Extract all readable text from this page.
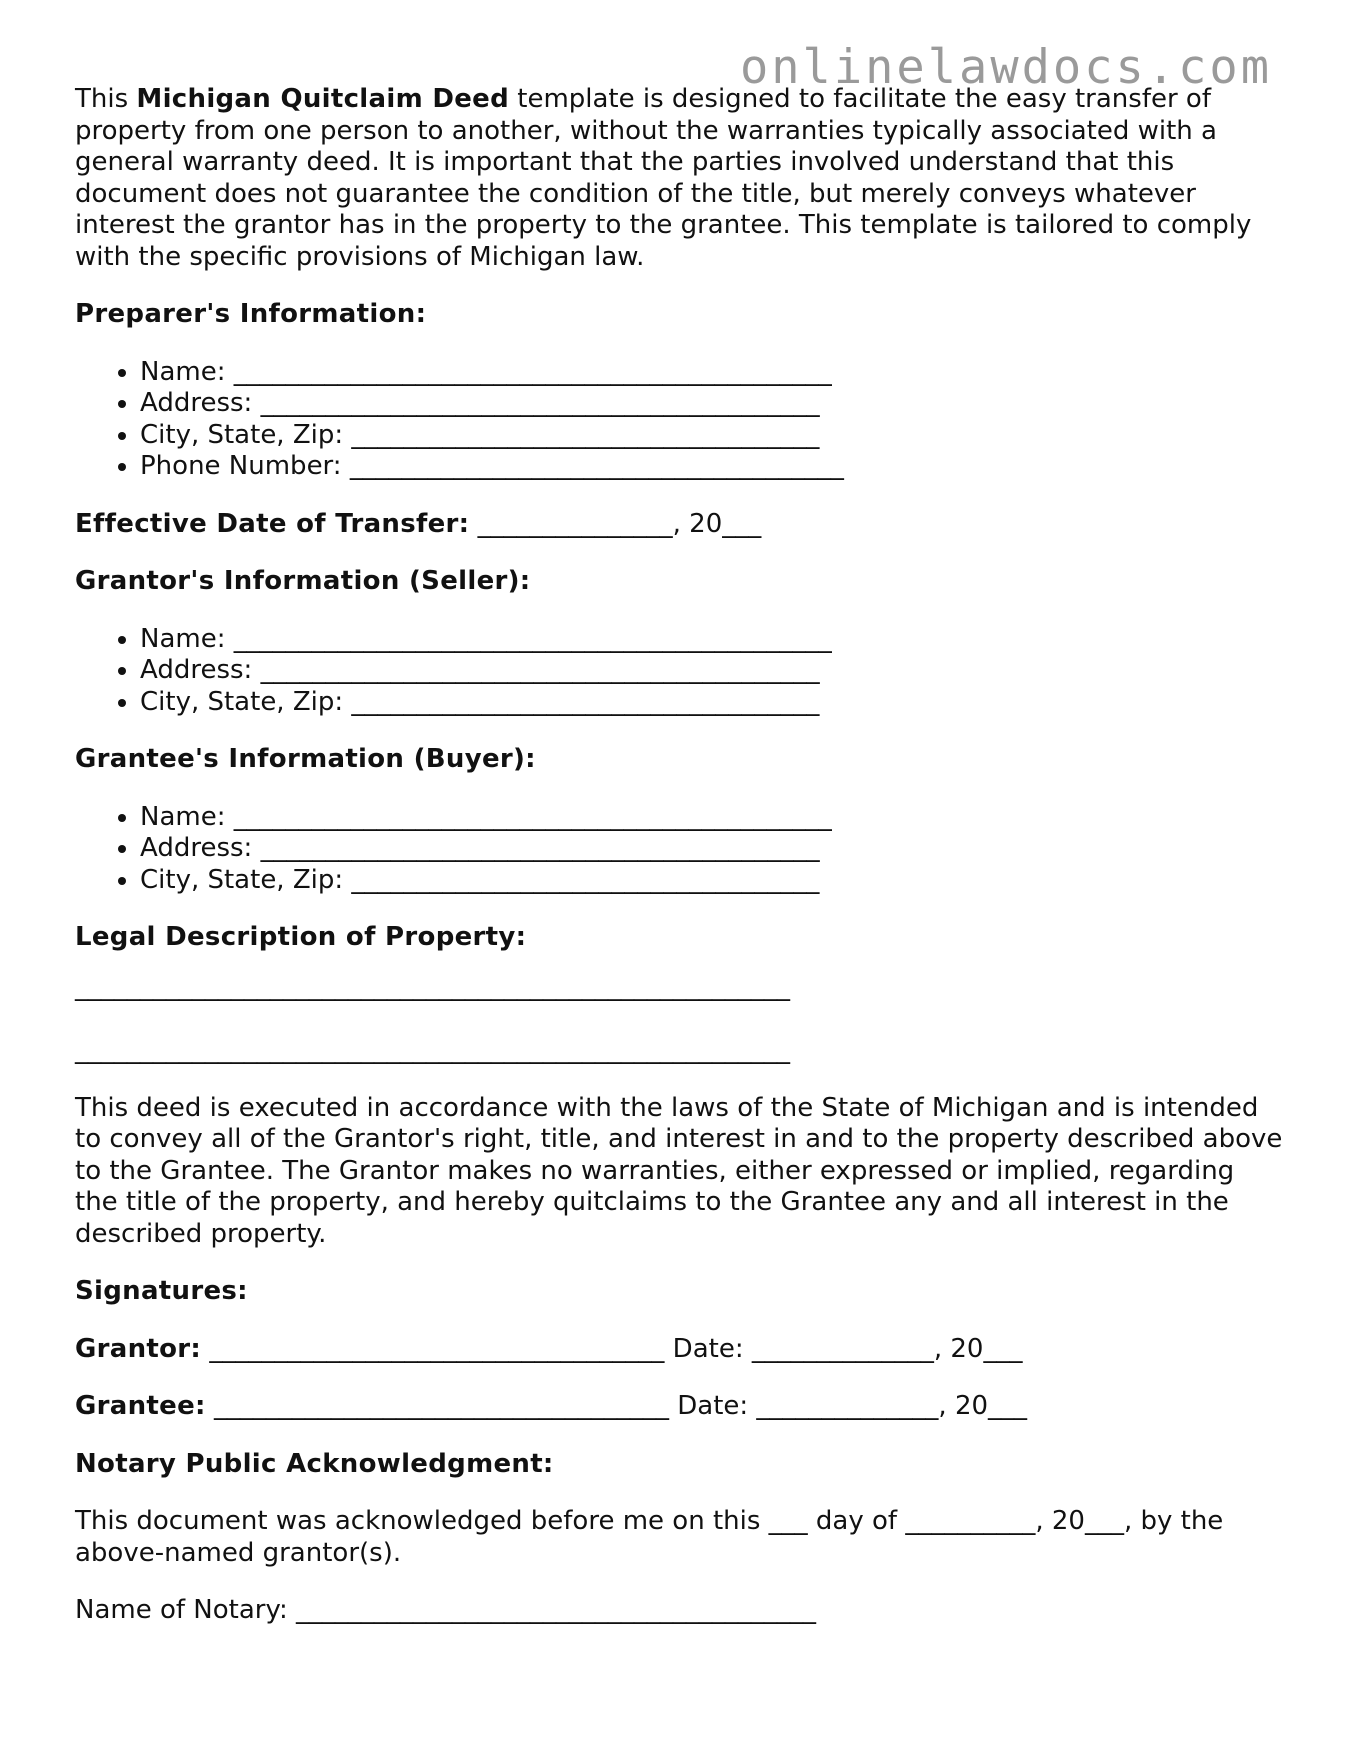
onlinelawdocs.com

This Michigan Quitclaim Deed template is designed to facilitate the easy transfer of property from one person to another, without the warranties typically associated with a general warranty deed. It is important that the parties involved understand that this document does not guarantee the condition of the title, but merely conveys whatever interest the grantor has in the property to the grantee. This template is tailored to comply with the specific provisions of Michigan law.

Preparer's Information:
• Name: ______________________________________________
• Address: ___________________________________________
• City, State, Zip: ____________________________________
• Phone Number: ______________________________________

Effective Date of Transfer: _______________, 20___

Grantor's Information (Seller):
• Name: ______________________________________________
• Address: ___________________________________________
• City, State, Zip: ____________________________________
Grantee's Information (Buyer):
• Name: ______________________________________________
• Address: ___________________________________________
• City, State, Zip: ____________________________________
Legal Description of Property:

_______________________________________________________

_______________________________________________________

This deed is executed in accordance with the laws of the State of Michigan and is intended to convey all of the Grantor's right, title, and interest in and to the property described above to the Grantee. The Grantor makes no warranties, either expressed or implied, regarding the title of the property, and hereby quitclaims to the Grantee any and all interest in the described property.

Signatures:

Grantor: ___________________________________ Date: ______________, 20___

Grantee: ___________________________________ Date: ______________, 20___

Notary Public Acknowledgment:

This document was acknowledged before me on this ___ day of __________, 20___, by the above-named grantor(s).

Name of Notary: ________________________________________
